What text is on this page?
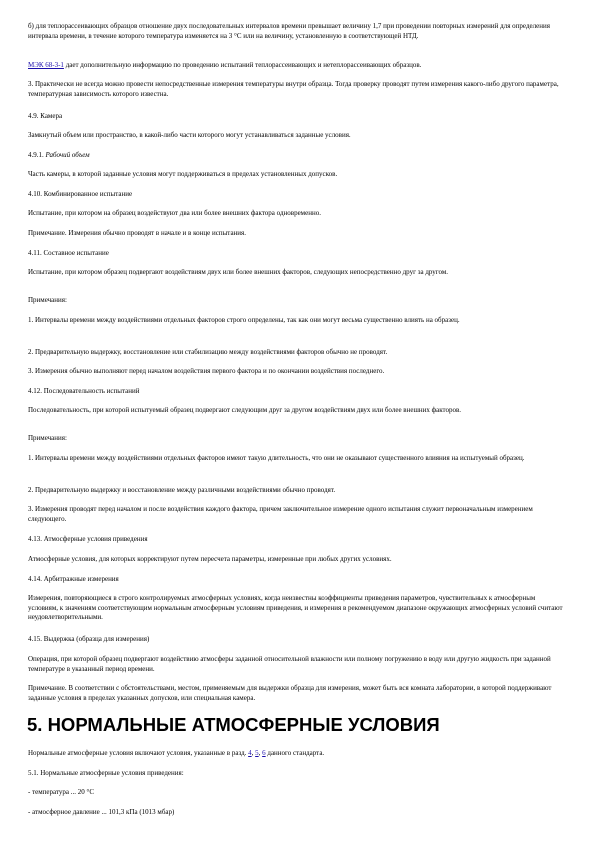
б) для теплорассеивающих образцов отношение двух последовательных интервалов времени превышает величину 1,7 при проведении повторных измерений для определения интервала времени, в течение которого температура изменяется на 3 °С или на величину, установленную в соответствующей НТД.

МЭК 68-3-1 дает дополнительную информацию по проведению испытаний теплорассеивающих и нетеплорассеивающих образцов.

3. Практически не всегда можно провести непосредственные измерения температуры внутри образца. Тогда проверку проводят путем измерения какого-либо другого параметра, температурная зависимость которого известна.

4.9. Камера

Замкнутый объем или пространство, в какой-либо части которого могут устанавливаться заданные условия.

4.9.1. Рабочий объем

Часть камеры, в которой заданные условия могут поддерживаться в пределах установленных допусков.

4.10. Комбинированное испытание

Испытание, при котором на образец воздействуют два или более внешних фактора одновременно.

Примечание. Измерения обычно проводят в начале и в конце испытания.

4.11. Составное испытание

Испытание, при котором образец подвергают воздействиям двух или более внешних факторов, следующих непосредственно друг за другом.

Примечания:

1. Интервалы времени между воздействиями отдельных факторов строго определены, так как они могут весьма существенно влиять на образец.

2. Предварительную выдержку, восстановление или стабилизацию между воздействиями факторов обычно не проводят.

3. Измерения обычно выполняют перед началом воздействия первого фактора и по окончании воздействия последнего.

4.12. Последовательность испытаний

Последовательность, при которой испытуемый образец подвергают следующим друг за другом воздействиям двух или более внешних факторов.

Примечания:

1. Интервалы времени между воздействиями отдельных факторов имеют такую длительность, что они не оказывают существенного влияния на испытуемый образец.

2. Предварительную выдержку и восстановление между различными воздействиями обычно проводят.

3. Измерения проводят перед началом и после воздействия каждого фактора, причем заключительное измерение одного испытания служит первоначальным измерением следующего.

4.13. Атмосферные условия приведения

Атмосферные условия, для которых корректируют путем пересчета параметры, измеренные при любых других условиях.

4.14. Арбитражные измерения

Измерения, повторяющиеся в строго контролируемых атмосферных условиях, когда неизвестны коэффициенты приведения параметров, чувствительных к атмосферным условиям, к значениям соответствующим нормальным атмосферным условиям приведения, и измерения в рекомендуемом диапазоне окружающих атмосферных условий считают неудовлетворительными.

4.15. Выдержка (образца для измерения)

Операция, при которой образец подвергают воздействию атмосферы заданной относительной влажности или полному погружению в воду или другую жидкость при заданной температуре в указанный период времени.

Примечание. В соответствии с обстоятельствами, местом, применяемым для выдержки образца для измерения, может быть вся комната лаборатории, в которой поддерживают заданные условия в пределах указанных допусков, или специальная камера.

5. НОРМАЛЬНЫЕ АТМОСФЕРНЫЕ УСЛОВИЯ

Нормальные атмосферные условия включают условия, указанные в разд. 4, 5, 6 данного стандарта.

5.1. Нормальные атмосферные условия приведения:

- температура ... 20 °С

- атмосферное давление ... 101,3 кПа (1013 мбар)
